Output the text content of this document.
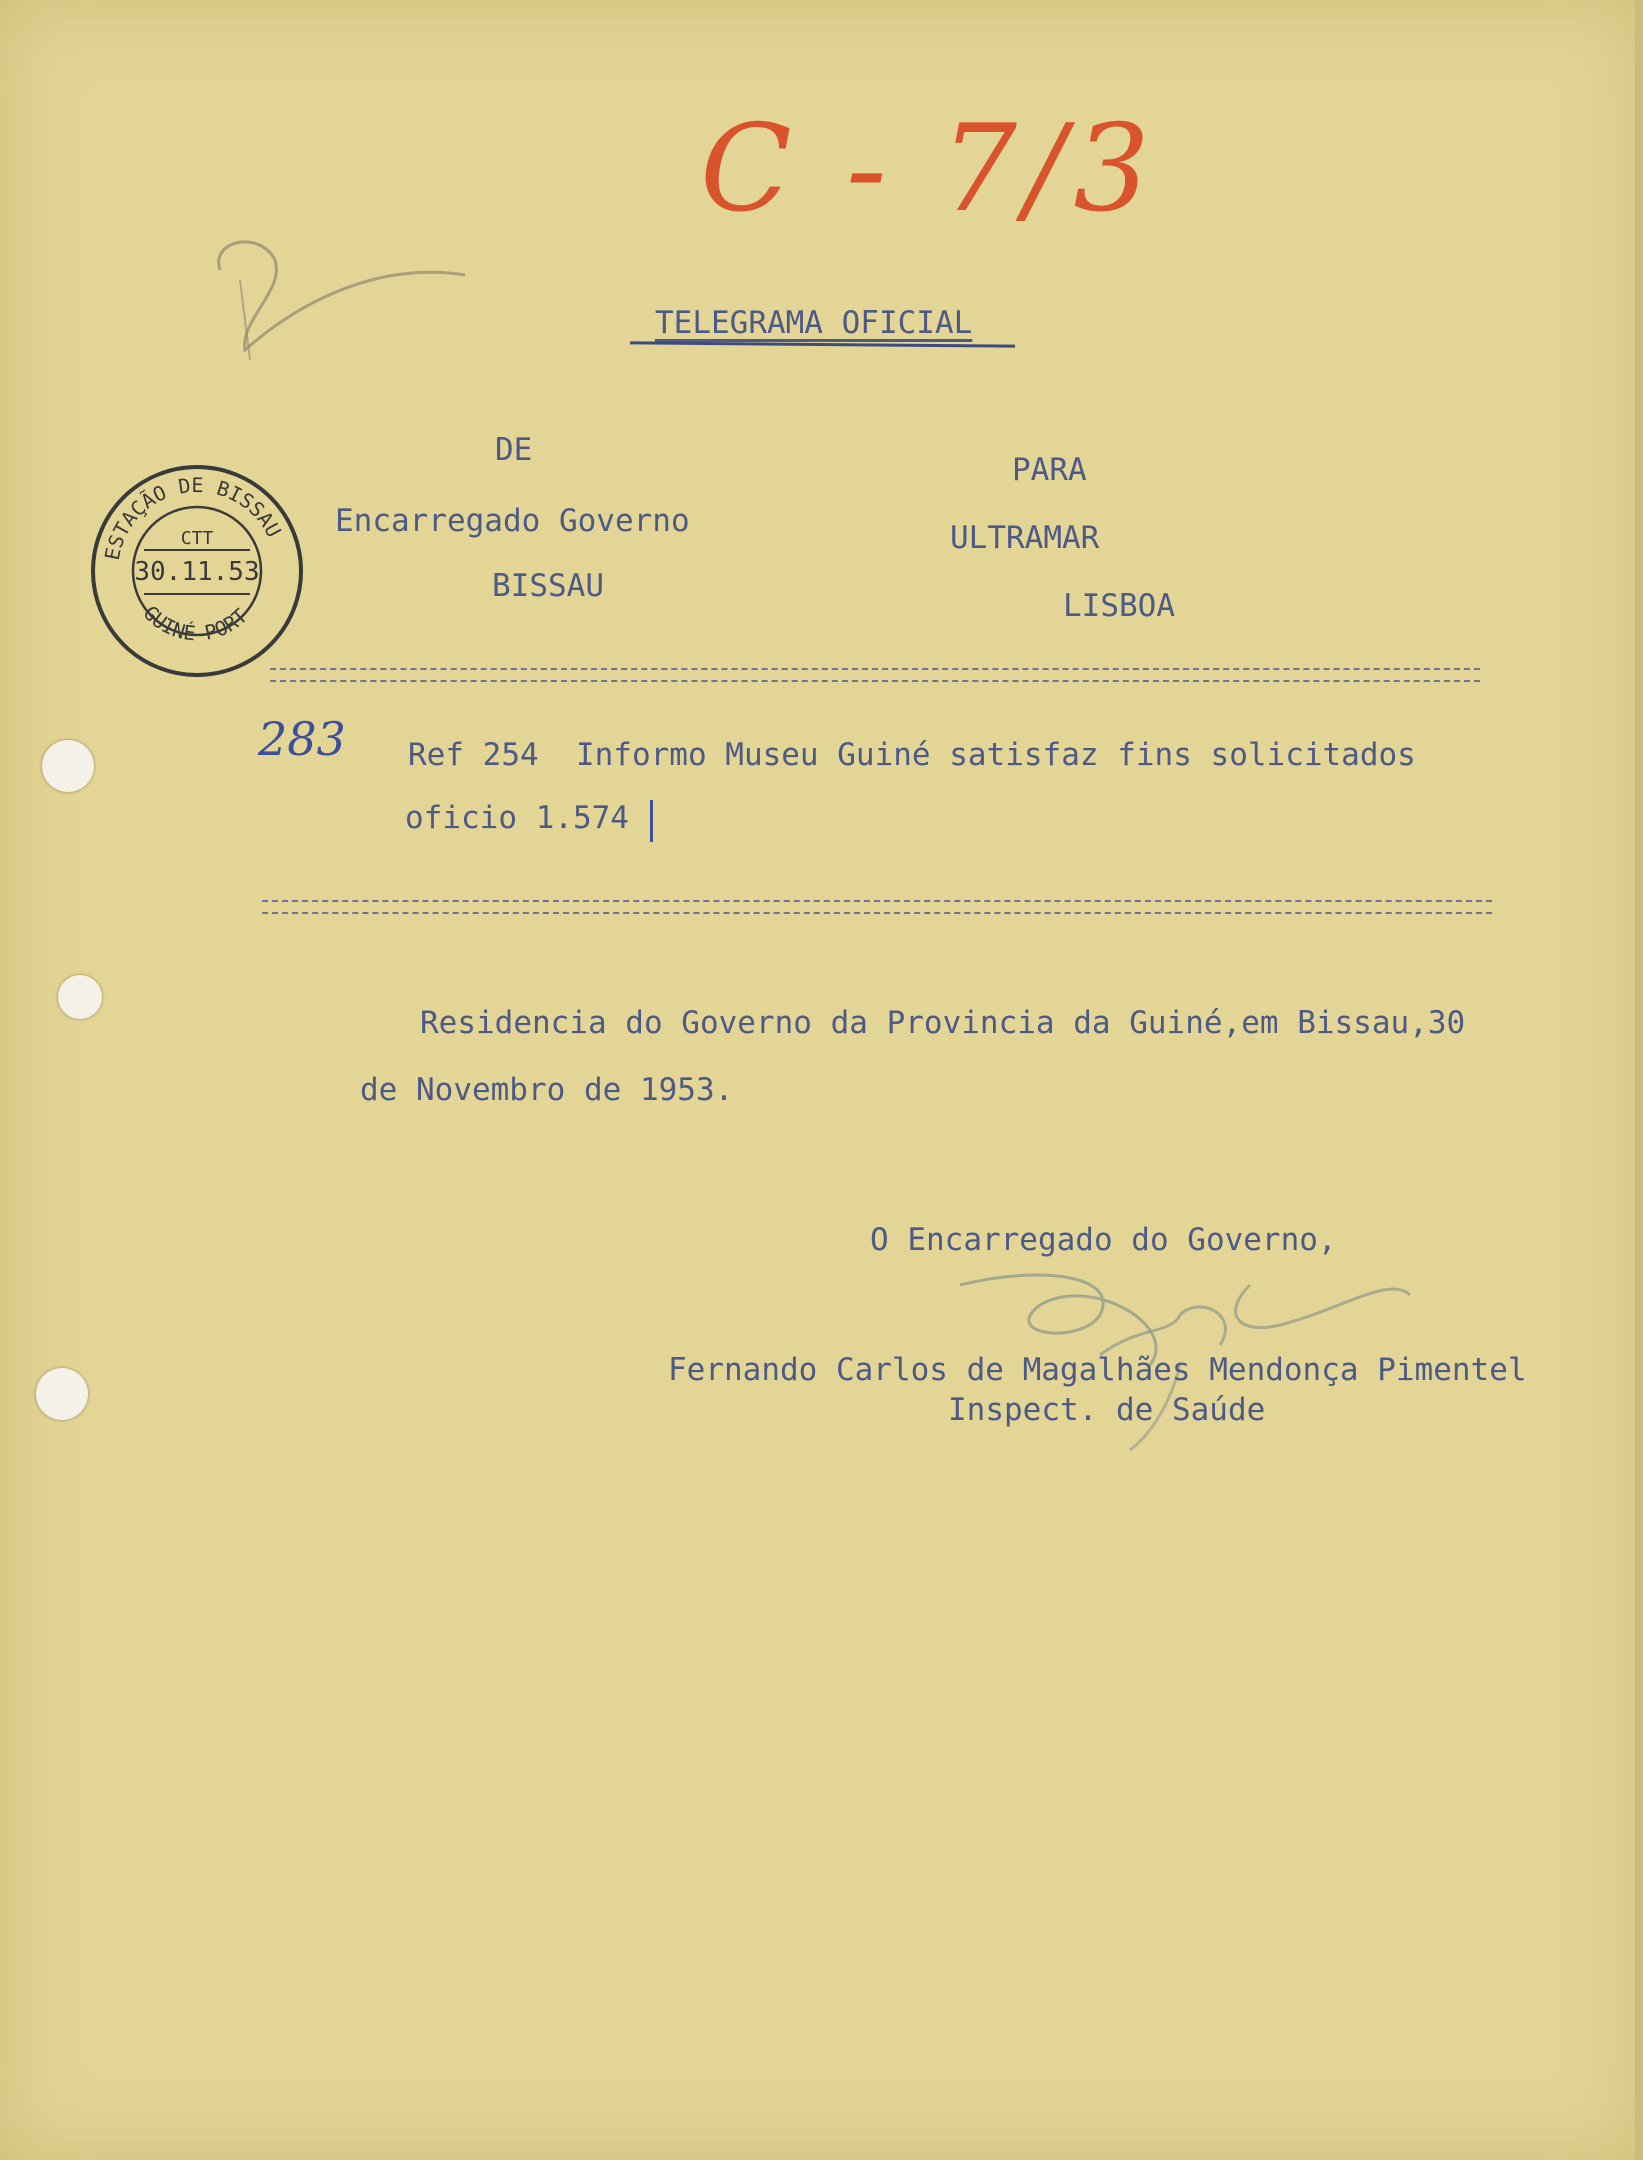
C - 7/3
TELEGRAMA OFICIAL
DE
Encarregado Governo
BISSAU
PARA
ULTRAMAR
LISBOA
ESTAÇÃO DE BISSAU
GUINÉ PORT
CTT
30.11.53
283 Ref 254  Informo Museu Guiné satisfaz fins solicitados
oficio 1.574
Residencia do Governo da Provincia da Guiné,em Bissau,30
de Novembro de 1953.
O Encarregado do Governo,
Fernando Carlos de Magalhães Mendonça Pimentel
Inspect. de Saúde
